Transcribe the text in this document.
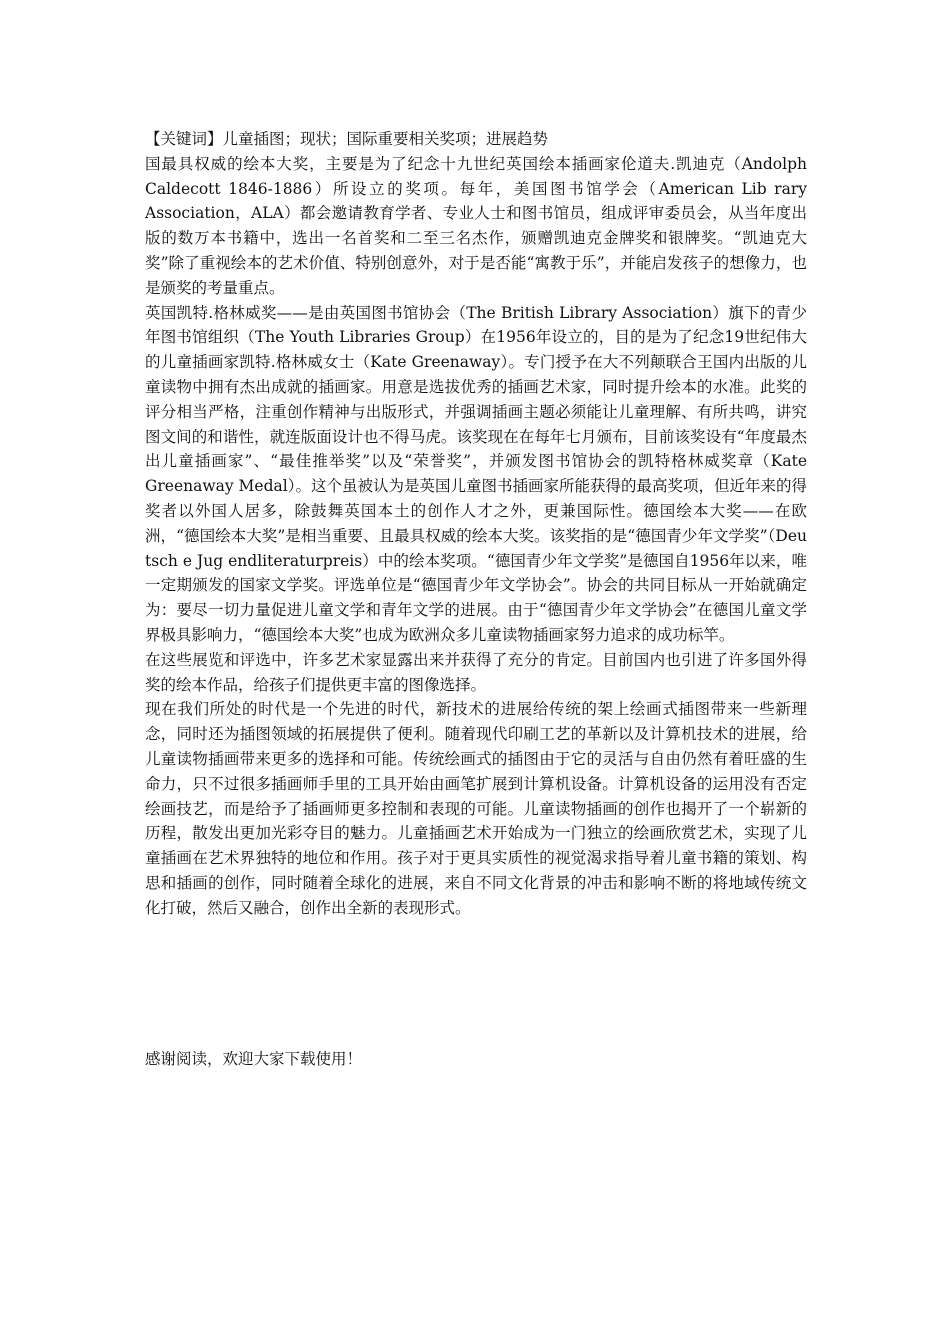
【关键词】儿童插图；现状；国际重要相关奖项；进展趋势

国最具权威的绘本大奖，主要是为了纪念十九世纪英国绘本插画家伦道夫.凯迪克（Andolph Caldecott 1846-1886）所设立的奖项。每年，美国图书馆学会（American Lib rary Association，ALA）都会邀请教育学者、专业人士和图书馆员，组成评审委员会，从当年度出版的数万本书籍中，选出一名首奖和二至三名杰作，颁赠凯迪克金牌奖和银牌奖。“凯迪克大奖”除了重视绘本的艺术价值、特别创意外，对于是否能“寓教于乐”，并能启发孩子的想像力，也是颁奖的考量重点。

英国凯特.格林威奖——是由英国图书馆协会（The British Library Association）旗下的青少年图书馆组织（The Youth Libraries Group）在1956年设立的，目的是为了纪念19世纪伟大的儿童插画家凯特.格林威女士（Kate Greenaway）。专门授予在大不列颠联合王国内出版的儿童读物中拥有杰出成就的插画家。用意是选拔优秀的插画艺术家，同时提升绘本的水准。此奖的评分相当严格，注重创作精神与出版形式，并强调插画主题必须能让儿童理解、有所共鸣，讲究图文间的和谐性，就连版面设计也不得马虎。该奖现在在每年七月颁布，目前该奖设有“年度最杰出儿童插画家”、“最佳推举奖”以及“荣誉奖”，并颁发图书馆协会的凯特格林威奖章（Kate Greenaway Medal）。这个虽被认为是英国儿童图书插画家所能获得的最高奖项，但近年来的得奖者以外国人居多，除鼓舞英国本土的创作人才之外，更兼国际性。德国绘本大奖——在欧洲，“德国绘本大奖”是相当重要、且最具权威的绘本大奖。该奖指的是“德国青少年文学奖”（Deu tsch e Jug endliteraturpreis）中的绘本奖项。“德国青少年文学奖”是德国自1956年以来，唯一定期颁发的国家文学奖。评选单位是“德国青少年文学协会”。协会的共同目标从一开始就确定为：要尽一切力量促进儿童文学和青年文学的进展。由于“德国青少年文学协会”在德国儿童文学界极具影响力，“德国绘本大奖”也成为欧洲众多儿童读物插画家努力追求的成功标竿。

在这些展览和评选中，许多艺术家显露出来并获得了充分的肯定。目前国内也引进了许多国外得奖的绘本作品，给孩子们提供更丰富的图像选择。

现在我们所处的时代是一个先进的时代，新技术的进展给传统的架上绘画式插图带来一些新理念，同时还为插图领域的拓展提供了便利。随着现代印刷工艺的革新以及计算机技术的进展，给儿童读物插画带来更多的选择和可能。传统绘画式的插图由于它的灵活与自由仍然有着旺盛的生命力，只不过很多插画师手里的工具开始由画笔扩展到计算机设备。计算机设备的运用没有否定绘画技艺，而是给予了插画师更多控制和表现的可能。儿童读物插画的创作也揭开了一个崭新的历程，散发出更加光彩夺目的魅力。儿童插画艺术开始成为一门独立的绘画欣赏艺术，实现了儿童插画在艺术界独特的地位和作用。孩子对于更具实质性的视觉渴求指导着儿童书籍的策划、构思和插画的创作，同时随着全球化的进展，来自不同文化背景的冲击和影响不断的将地域传统文化打破，然后又融合，创作出全新的表现形式。

感谢阅读，欢迎大家下载使用！
